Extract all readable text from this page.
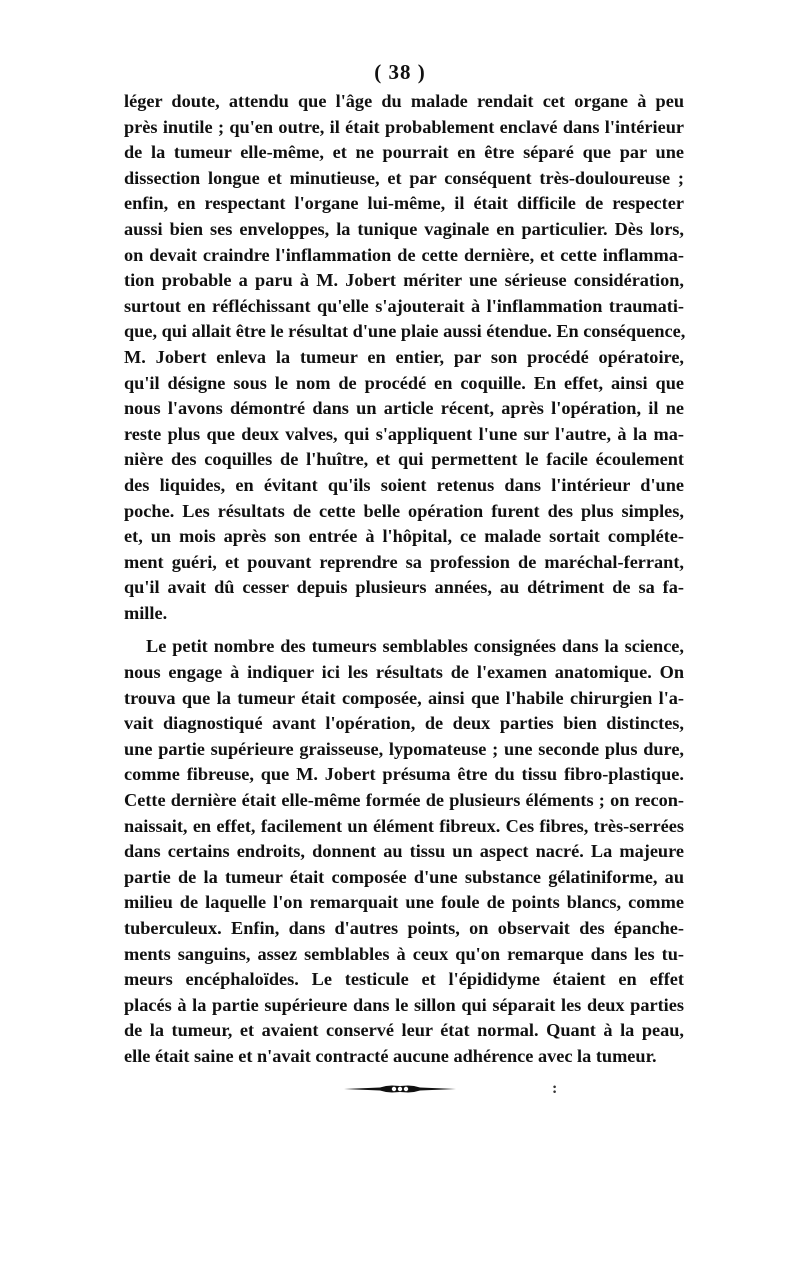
( 38 )
léger doute, attendu que l'âge du malade rendait cet organe à peu
près inutile ; qu'en outre, il était probablement enclavé dans l'intérieur
de la tumeur elle-même, et ne pourrait en être séparé que par une
dissection longue et minutieuse, et par conséquent très-douloureuse ;
enfin, en respectant l'organe lui-même, il était difficile de respecter
aussi bien ses enveloppes, la tunique vaginale en particulier. Dès lors,
on devait craindre l'inflammation de cette dernière, et cette inflamma-
tion probable a paru à M. Jobert mériter une sérieuse considération,
surtout en réfléchissant qu'elle s'ajouterait à l'inflammation traumati-
que, qui allait être le résultat d'une plaie aussi étendue. En conséquence,
M. Jobert enleva la tumeur en entier, par son procédé opératoire,
qu'il désigne sous le nom de procédé en coquille. En effet, ainsi que
nous l'avons démontré dans un article récent, après l'opération, il ne
reste plus que deux valves, qui s'appliquent l'une sur l'autre, à la ma-
nière des coquilles de l'huître, et qui permettent le facile écoulement
des liquides, en évitant qu'ils soient retenus dans l'intérieur d'une
poche. Les résultats de cette belle opération furent des plus simples,
et, un mois après son entrée à l'hôpital, ce malade sortait compléte-
ment guéri, et pouvant reprendre sa profession de maréchal-ferrant,
qu'il avait dû cesser depuis plusieurs années, au détriment de sa fa-
mille.
Le petit nombre des tumeurs semblables consignées dans la science,
nous engage à indiquer ici les résultats de l'examen anatomique. On
trouva que la tumeur était composée, ainsi que l'habile chirurgien l'a-
vait diagnostiqué avant l'opération, de deux parties bien distinctes,
une partie supérieure graisseuse, lypomateuse ; une seconde plus dure,
comme fibreuse, que M. Jobert présuma être du tissu fibro-plastique.
Cette dernière était elle-même formée de plusieurs éléments ; on recon-
naissait, en effet, facilement un élément fibreux. Ces fibres, très-serrées
dans certains endroits, donnent au tissu un aspect nacré. La majeure
partie de la tumeur était composée d'une substance gélatiniforme, au
milieu de laquelle l'on remarquait une foule de points blancs, comme
tuberculeux. Enfin, dans d'autres points, on observait des épanche-
ments sanguins, assez semblables à ceux qu'on remarque dans les tu-
meurs encéphaloïdes. Le testicule et l'épididyme étaient en effet
placés à la partie supérieure dans le sillon qui séparait les deux parties
de la tumeur, et avaient conservé leur état normal. Quant à la peau,
elle était saine et n'avait contracté aucune adhérence avec la tumeur.
:
